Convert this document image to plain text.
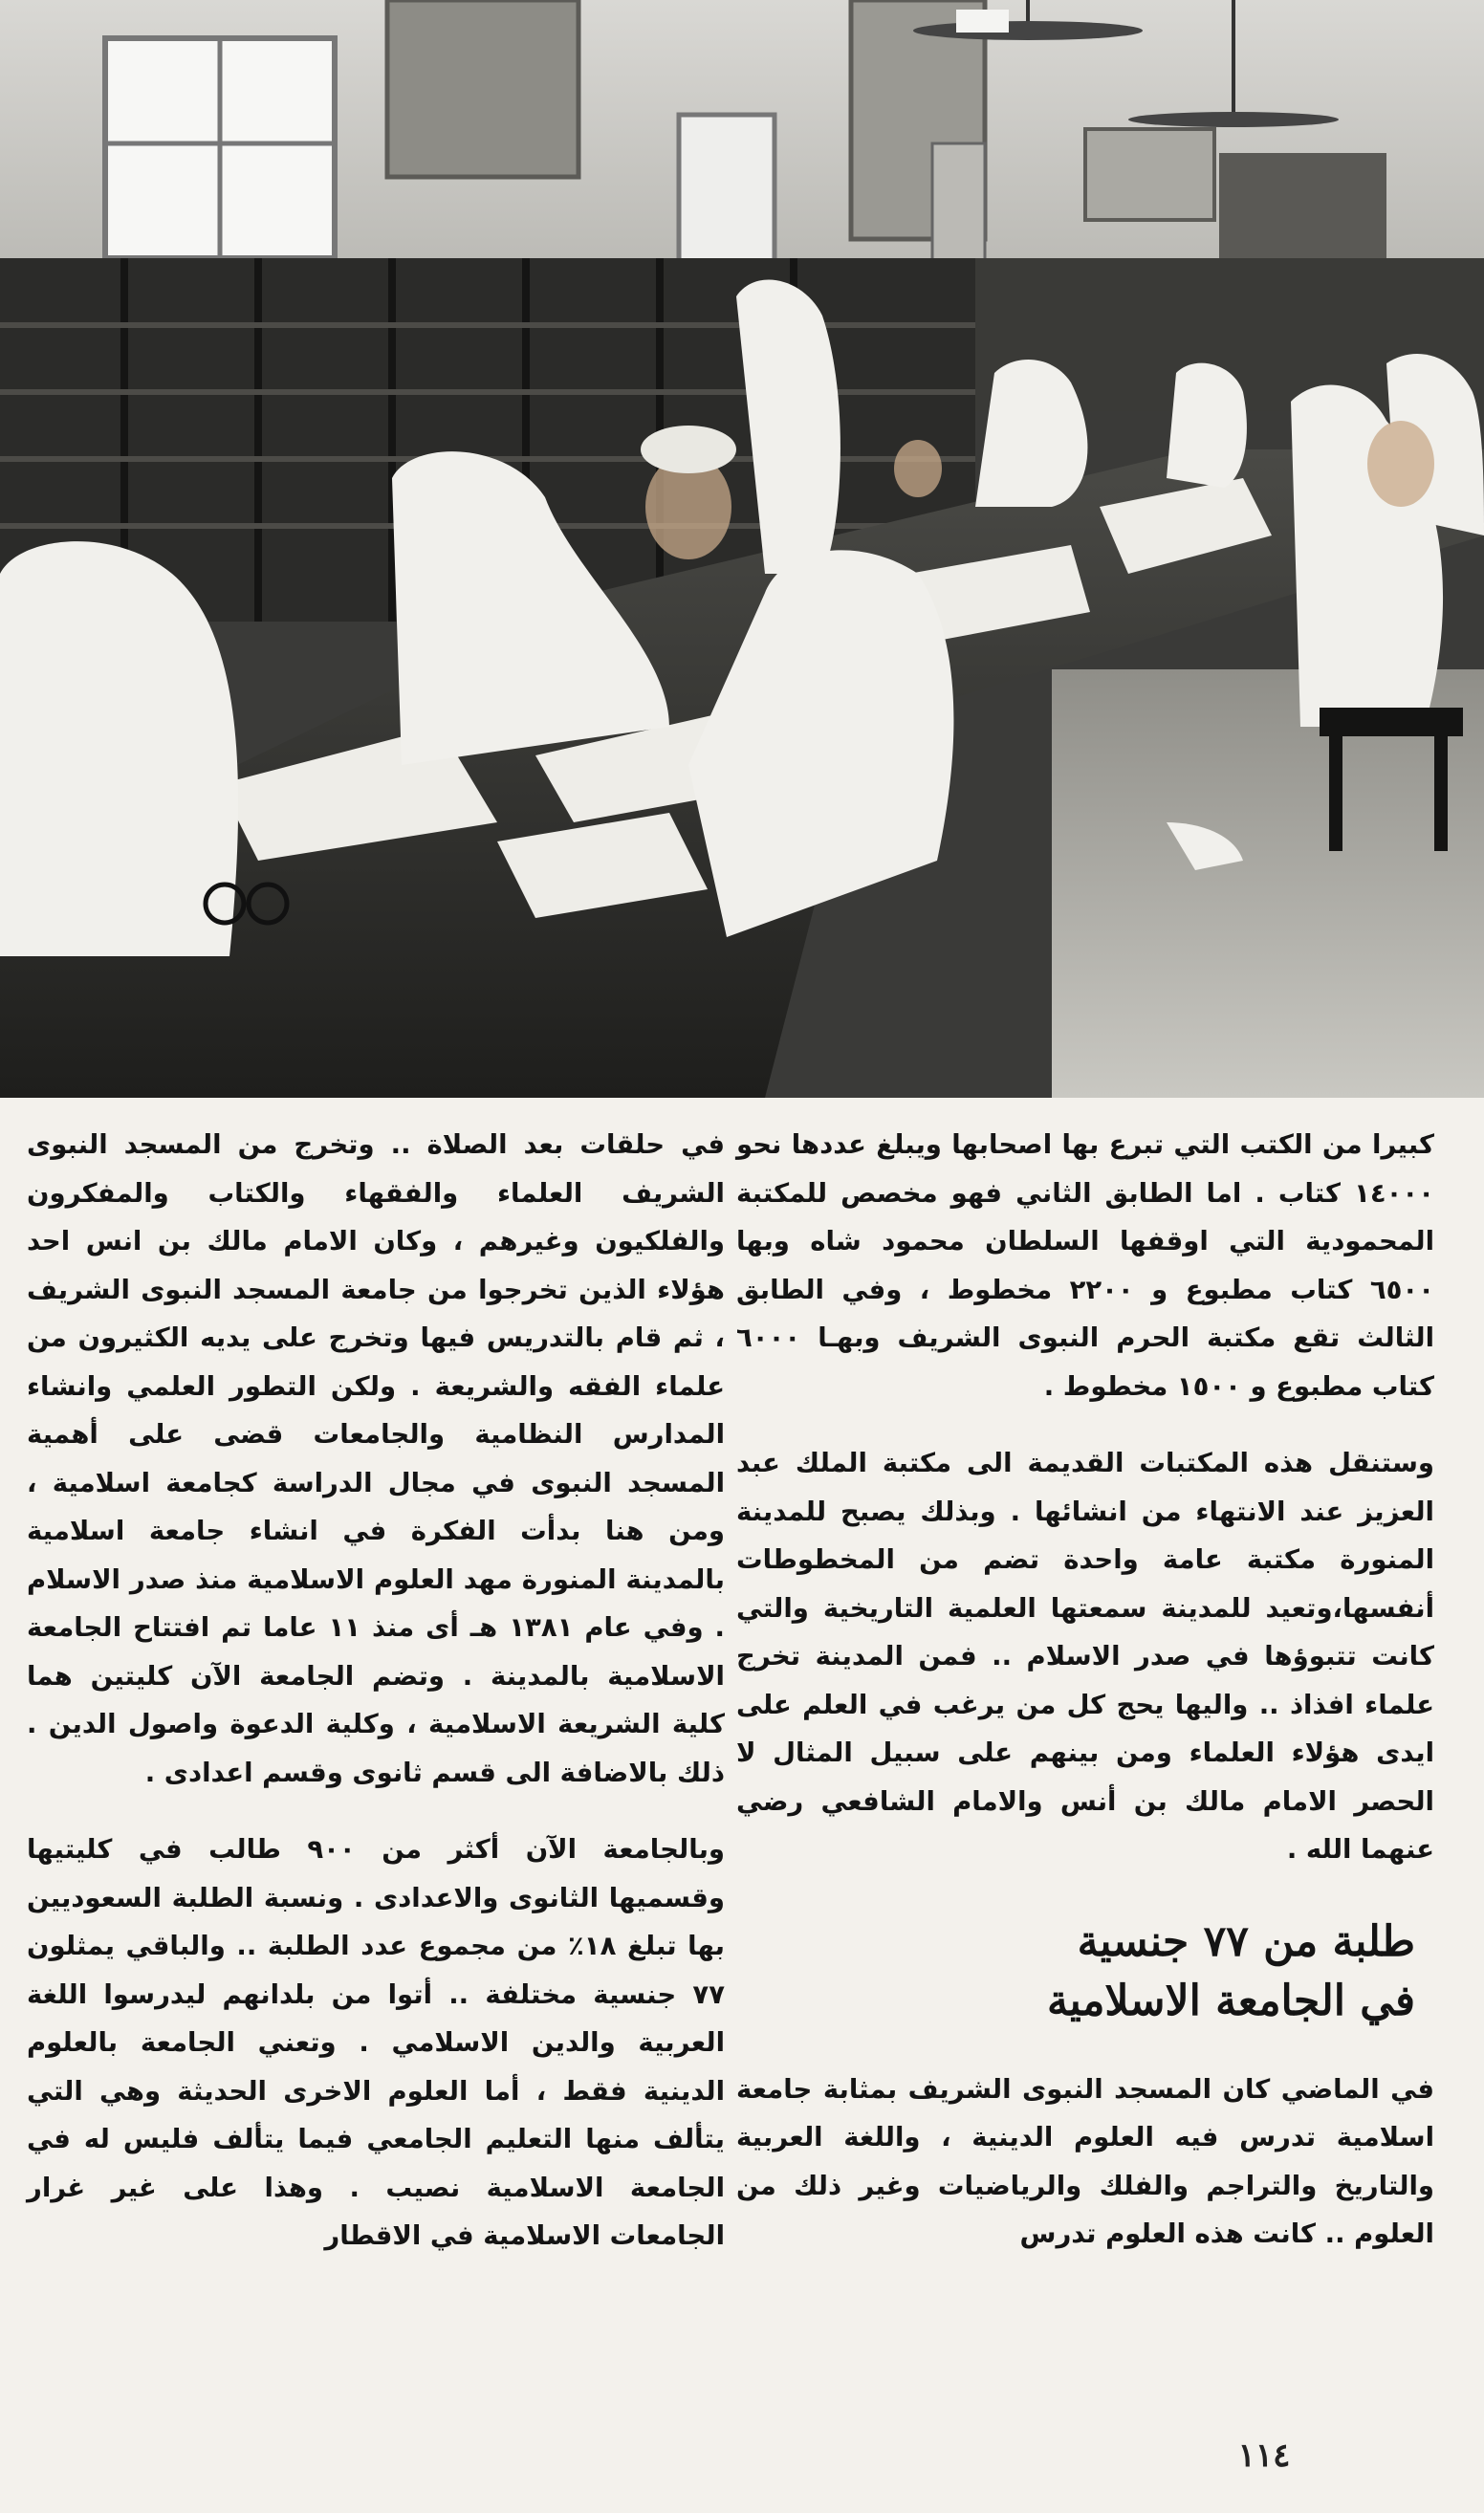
كبيرا من الكتب التي تبرع بها اصحابها ويبلغ عددها نحو ١٤٠٠٠ كتاب . اما الطابق الثاني فهو مخصص للمكتبة المحمودية التي اوقفها السلطان محمود شاه وبها ٦٥٠٠ كتاب مطبوع و ٢٢٠٠ مخطوط ، وفي الطابق الثالث تقع مكتبة الحرم النبوى الشريف وبهـا ٦٠٠٠ كتاب مطبوع و ١٥٠٠ مخطوط .

وستنقل هذه المكتبات القديمة الى مكتبة الملك عبد العزيز عند الانتهاء من انشائها . وبذلك يصبح للمدينة المنورة مكتبة عامة واحدة تضم من المخطوطات أنفسها،وتعيد للمدينة سمعتها العلمية التاريخية والتي كانت تتبوؤها في صدر الاسلام .. فمن المدينة تخرج علماء افذاذ .. واليها يحج كل من يرغب في العلم على ايدى هؤلاء العلماء ومن بينهم على سبيل المثال لا الحصر الامام مالك بن أنس والامام الشافعي رضي عنهما الله .

طلبة من ٧٧ جنسية
في الجامعة الاسلامية

في الماضي كان المسجد النبوى الشريف بمثابة جامعة اسلامية تدرس فيه العلوم الدينية ، واللغة العربية والتاريخ والتراجم والفلك والرياضيات وغير ذلك من العلوم .. كانت هذه العلوم تدرس

في حلقات بعد الصلاة .. وتخرج من المسجد النبوى الشريف العلماء والفقهاء والكتاب والمفكرون والفلكيون وغيرهم ، وكان الامام مالك بن انس احد هؤلاء الذين تخرجوا من جامعة المسجد النبوى الشريف ، ثم قام بالتدريس فيها وتخرج على يديه الكثيرون من علماء الفقه والشريعة . ولكن التطور العلمي وانشاء المدارس النظامية والجامعات قضى على أهمية المسجد النبوى في مجال الدراسة كجامعة اسلامية ، ومن هنا بدأت الفكرة في انشاء جامعة اسلامية بالمدينة المنورة مهد العلوم الاسلامية منذ صدر الاسلام . وفي عام ١٣٨١ هـ أى منذ ١١ عاما تم افتتاح الجامعة الاسلامية بالمدينة . وتضم الجامعة الآن كليتين هما كلية الشريعة الاسلامية ، وكلية الدعوة واصول الدين . ذلك بالاضافة الى قسم ثانوى وقسم اعدادى .

وبالجامعة الآن أكثر من ٩٠٠ طالب في كليتيها وقسميها الثانوى والاعدادى . ونسبة الطلبة السعوديين بها تبلغ ١٨٪ من مجموع عدد الطلبة .. والباقي يمثلون ٧٧ جنسية مختلفة .. أتوا من بلدانهم ليدرسوا اللغة العربية والدين الاسلامي . وتعني الجامعة بالعلوم الدينية فقط ، أما العلوم الاخرى الحديثة وهي التي يتألف منها التعليم الجامعي فيما يتألف فليس له في الجامعة الاسلامية نصيب . وهذا على غير غرار الجامعات الاسلامية في الاقطار

١١٤
